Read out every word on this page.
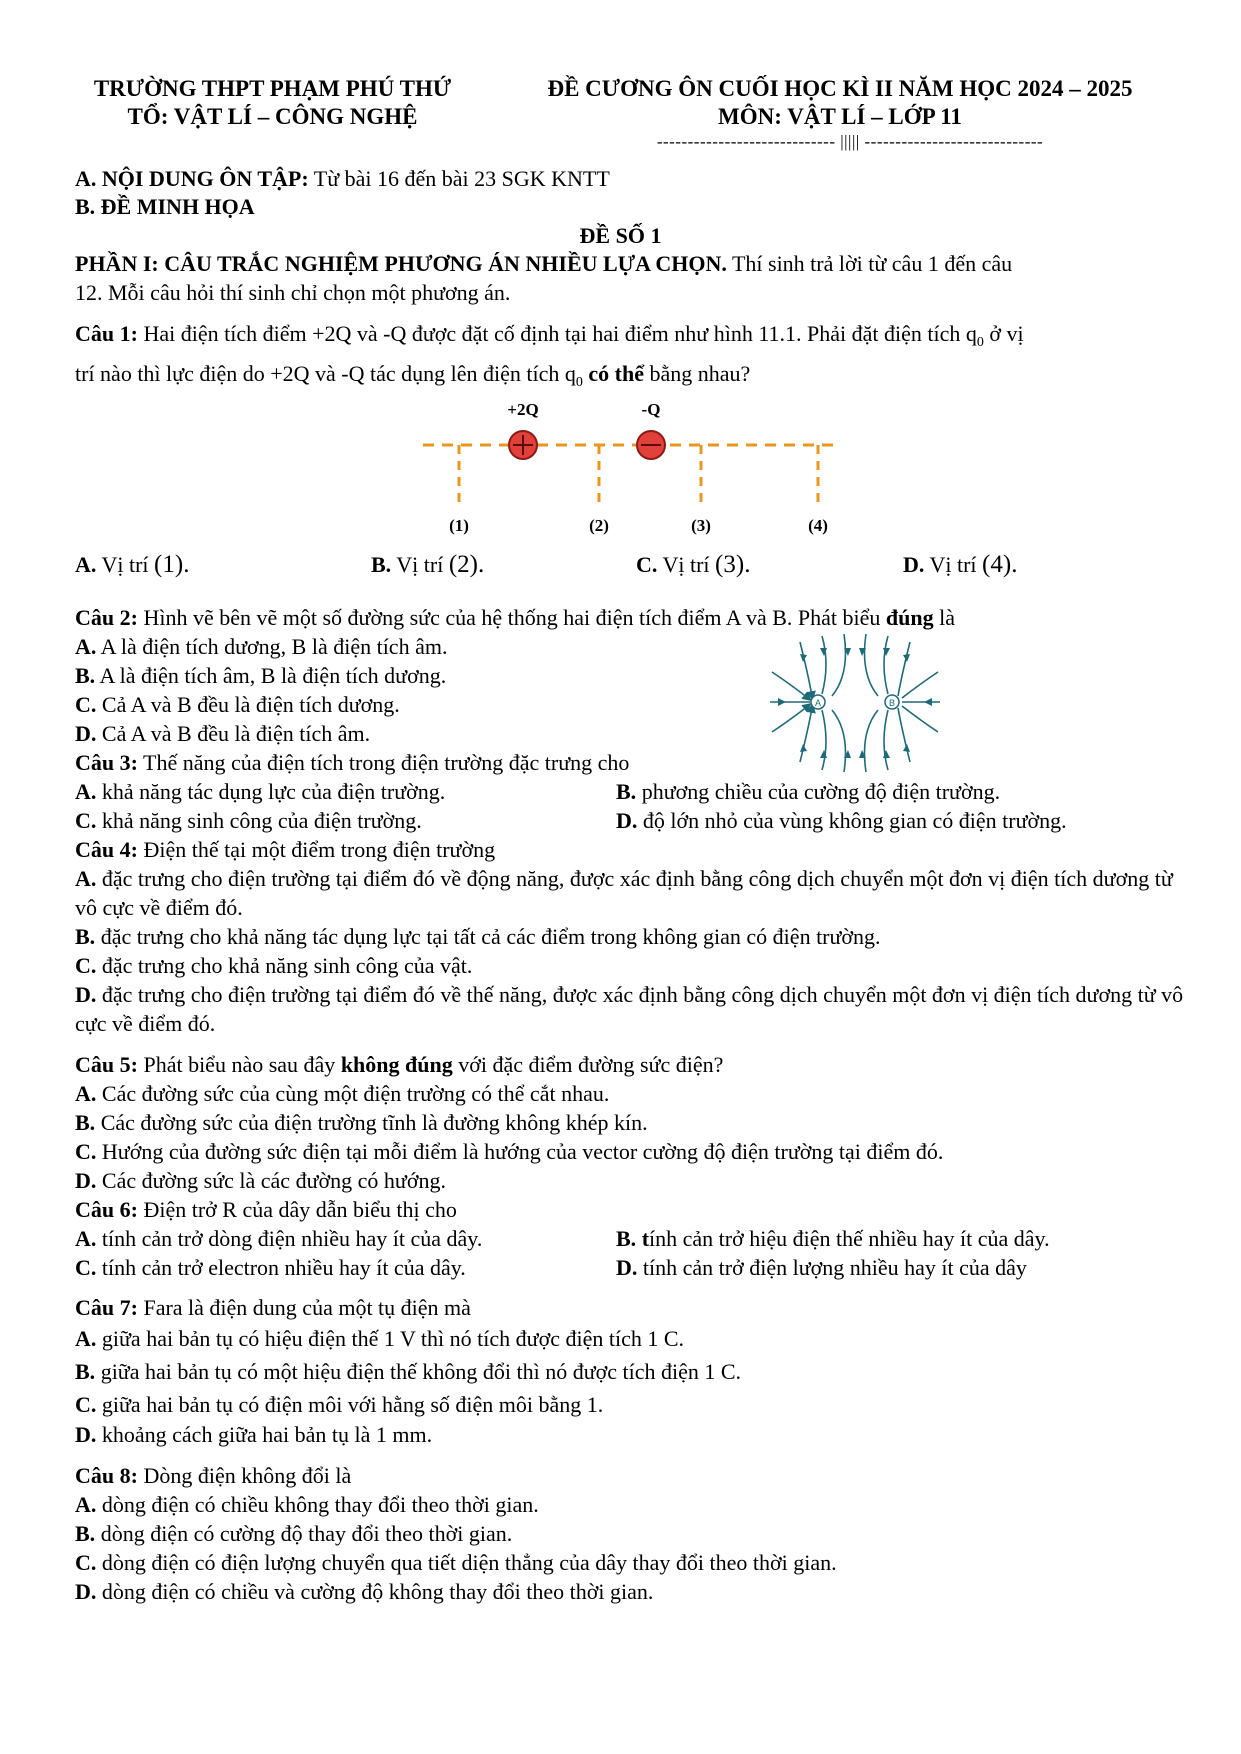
TRƯỜNG THPT PHẠM PHÚ THỨ
TỔ: VẬT LÍ – CÔNG NGHỆ
ĐỀ CƯƠNG ÔN CUỐI HỌC KÌ II NĂM HỌC 2024 – 2025
MÔN: VẬT LÍ – LỚP 11
----------------------------- ||||| -----------------------------
A. NỘI DUNG ÔN TẬP: Từ bài 16 đến bài 23 SGK KNTT
B. ĐỀ MINH HỌA
ĐỀ SỐ 1
PHẦN I: CÂU TRẮC NGHIỆM PHƯƠNG ÁN NHIỀU LỰA CHỌN. Thí sinh trả lời từ câu 1 đến câu
12. Mỗi câu hỏi thí sinh chỉ chọn một phương án.
Câu 1: Hai điện tích điểm +2Q và -Q được đặt cố định tại hai điểm như hình 11.1. Phải đặt điện tích $q_0$ ở vị
trí nào thì lực điện do +2Q và -Q tác dụng lên điện tích $q_0$ có thể bằng nhau?
+2Q	-Q
(1)	(2)	(3)	(4)
A. Vị trí (1).	B. Vị trí (2).	C. Vị trí (3).	D. Vị trí (4).
Câu 2: Hình vẽ bên vẽ một số đường sức của hệ thống hai điện tích điểm A và B. Phát biểu đúng là
A. A là điện tích dương, B là điện tích âm.
B. A là điện tích âm, B là điện tích dương.
C. Cả A và B đều là điện tích dương.
D. Cả A và B đều là điện tích âm.
A	B
Câu 3: Thế năng của điện tích trong điện trường đặc trưng cho
A. khả năng tác dụng lực của điện trường.	B. phương chiều của cường độ điện trường.
C. khả năng sinh công của điện trường.	D. độ lớn nhỏ của vùng không gian có điện trường.
Câu 4: Điện thế tại một điểm trong điện trường
A. đặc trưng cho điện trường tại điểm đó về động năng, được xác định bằng công dịch chuyển một đơn vị điện tích dương từ vô cực về điểm đó.
B. đặc trưng cho khả năng tác dụng lực tại tất cả các điểm trong không gian có điện trường.
C. đặc trưng cho khả năng sinh công của vật.
D. đặc trưng cho điện trường tại điểm đó về thế năng, được xác định bằng công dịch chuyển một đơn vị điện tích dương từ vô cực về điểm đó.
Câu 5: Phát biểu nào sau đây không đúng với đặc điểm đường sức điện?
A. Các đường sức của cùng một điện trường có thể cắt nhau.
B. Các đường sức của điện trường tĩnh là đường không khép kín.
C. Hướng của đường sức điện tại mỗi điểm là hướng của vector cường độ điện trường tại điểm đó.
D. Các đường sức là các đường có hướng.
Câu 6: Điện trở R của dây dẫn biểu thị cho
A. tính cản trở dòng điện nhiều hay ít của dây.	B. tính cản trở hiệu điện thế nhiều hay ít của dây.
C. tính cản trở electron nhiều hay ít của dây.	D. tính cản trở điện lượng nhiều hay ít của dây
Câu 7: Fara là điện dung của một tụ điện mà
A. giữa hai bản tụ có hiệu điện thế 1 V thì nó tích được điện tích 1 C.
B. giữa hai bản tụ có một hiệu điện thế không đổi thì nó được tích điện 1 C.
C. giữa hai bản tụ có điện môi với hằng số điện môi bằng 1.
D. khoảng cách giữa hai bản tụ là 1 mm.
Câu 8: Dòng điện không đổi là
A. dòng điện có chiều không thay đổi theo thời gian.
B. dòng điện có cường độ thay đổi theo thời gian.
C. dòng điện có điện lượng chuyển qua tiết diện thẳng của dây thay đổi theo thời gian.
D. dòng điện có chiều và cường độ không thay đổi theo thời gian.
